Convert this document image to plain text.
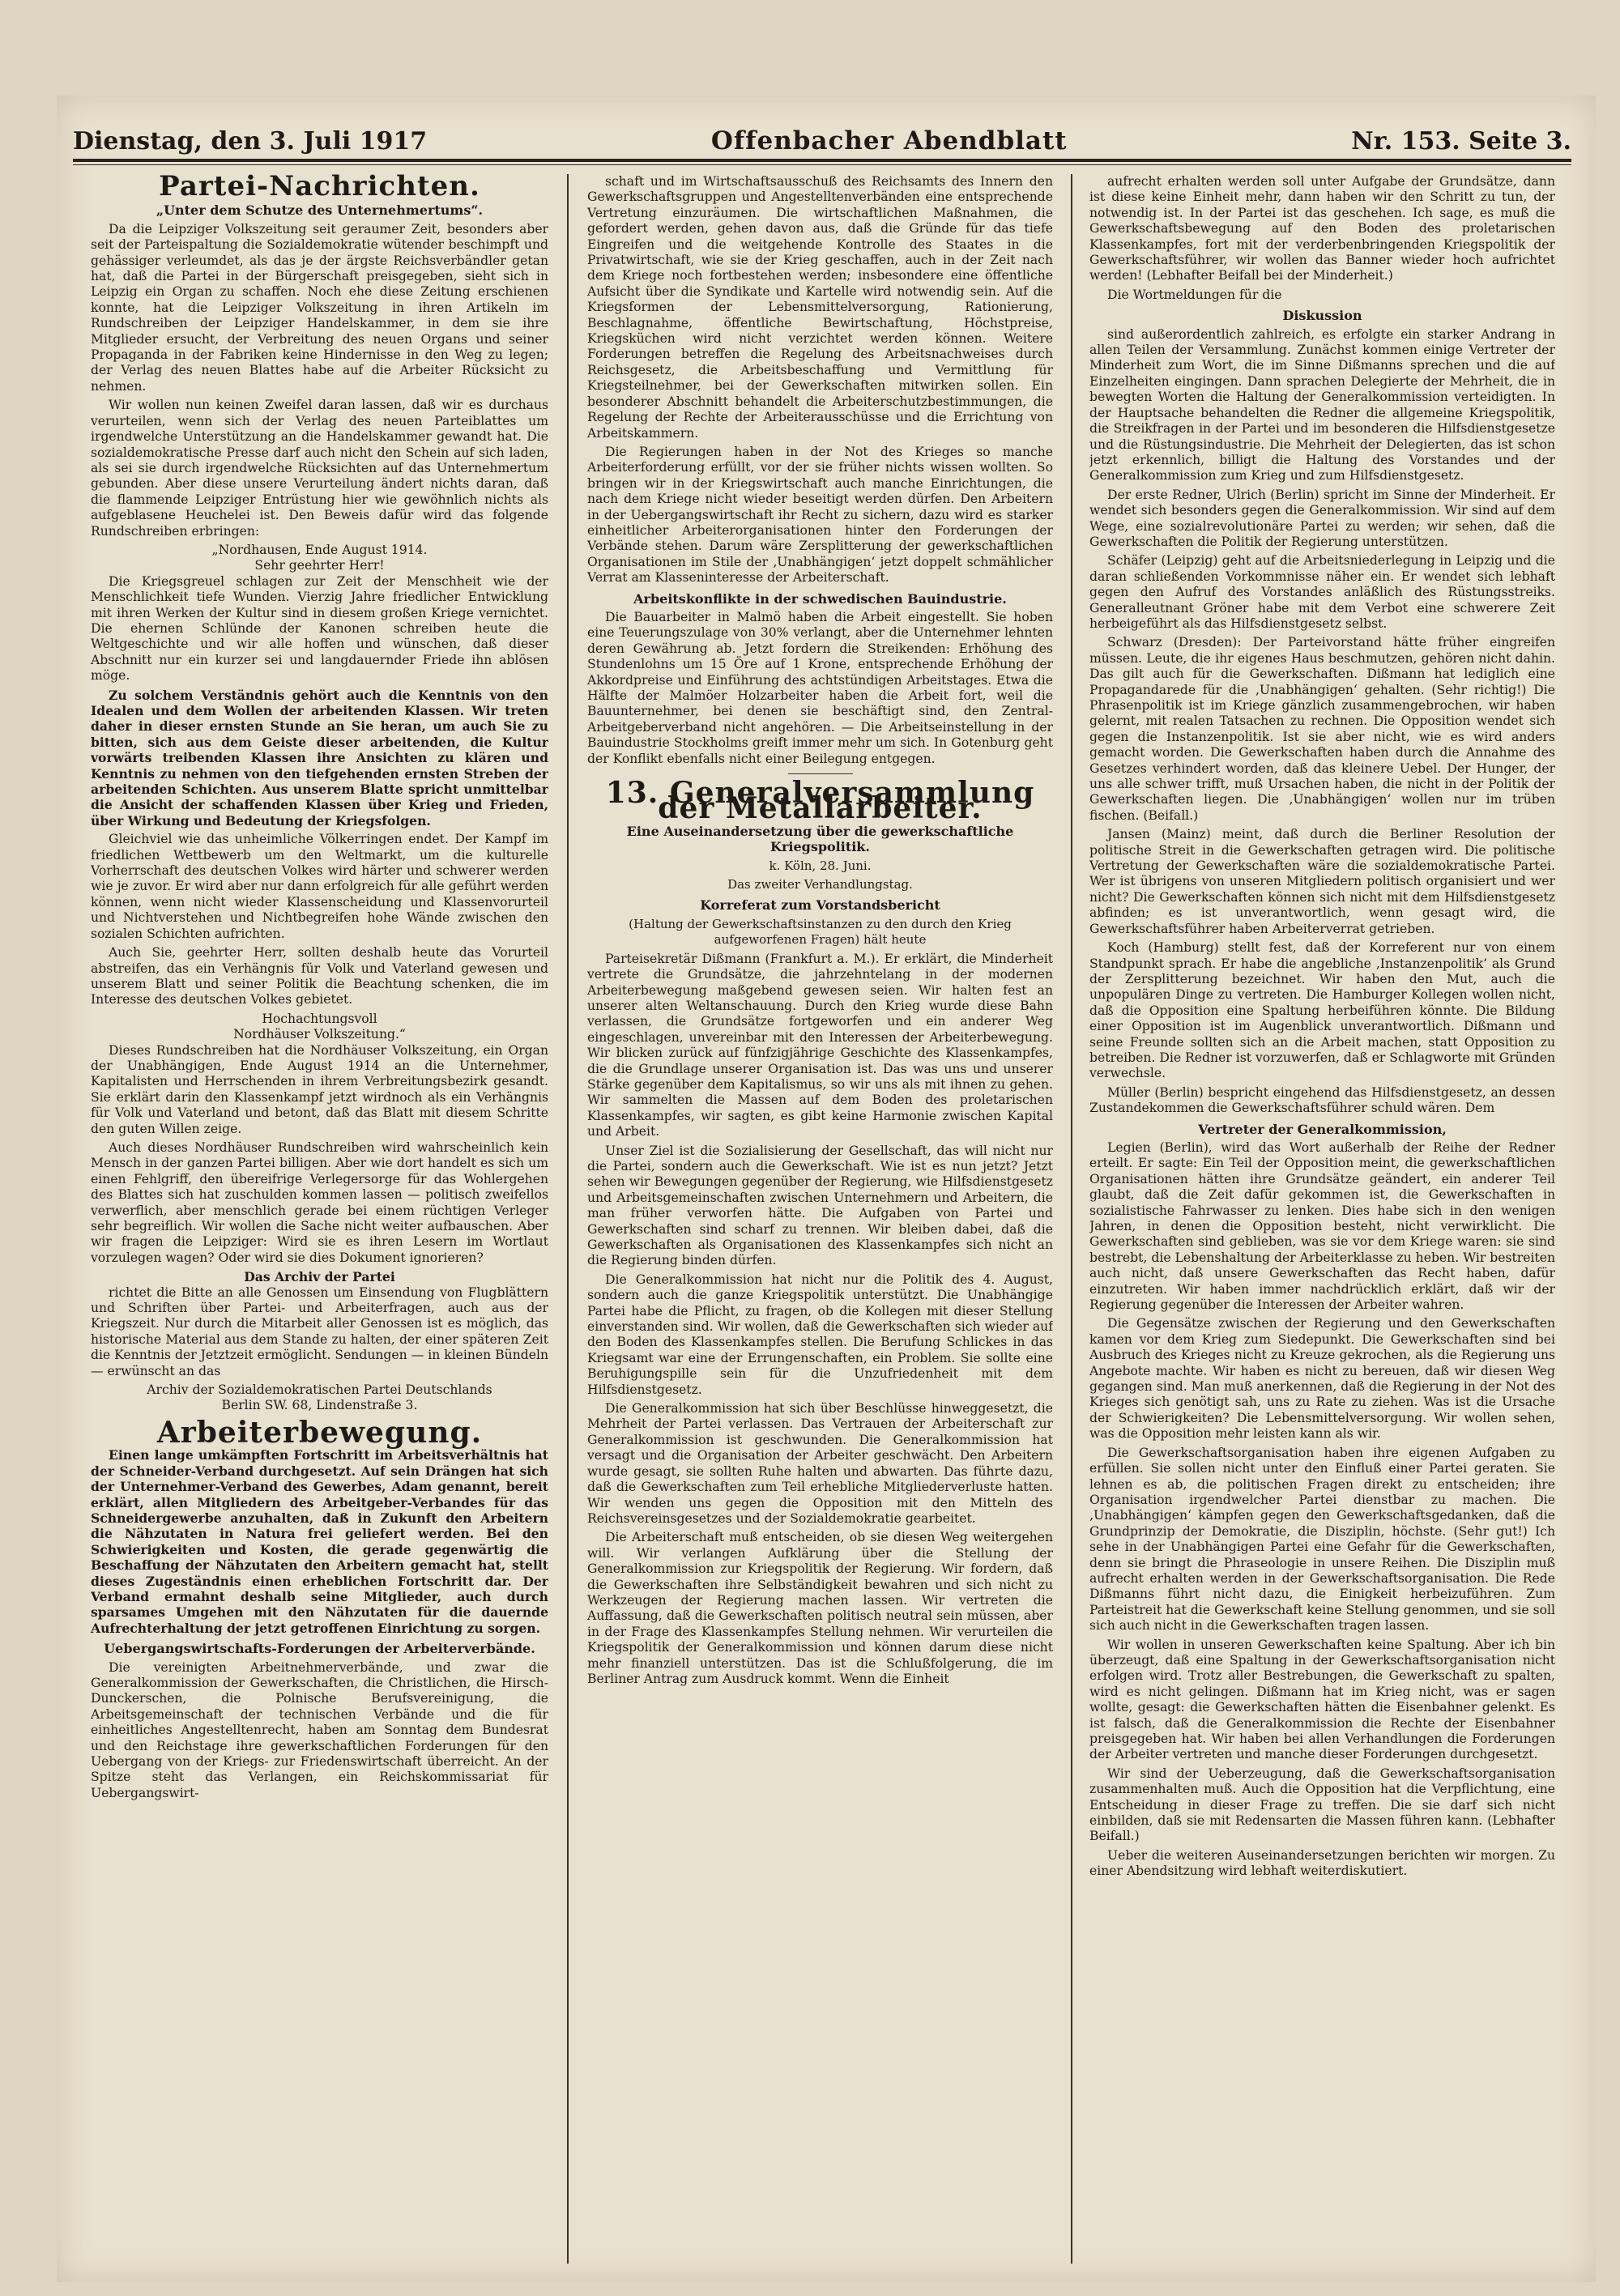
Dienstag, den 3. Juli 1917	Offenbacher Abendblatt	Nr. 153. Seite 3.
Partei-Nachrichten.
„Unter dem Schutze des Unternehmertums“.

Da die Leipziger Volkszeitung seit geraumer Zeit, besonders aber seit der Parteispaltung die Sozialdemokratie wütender beschimpft und gehässiger verleumdet, als das je der ärgste Reichsverbändler getan hat, daß die Partei in der Bürgerschaft preisgegeben, sieht sich in Leipzig ein Organ zu schaffen. Noch ehe diese Zeitung erschienen konnte, hat die Leipziger Volkszeitung in ihren Artikeln im Rundschreiben der Leipziger Handelskammer, in dem sie ihre Mitglieder ersucht, der Verbreitung des neuen Organs und seiner Propaganda in der Fabriken keine Hindernisse in den Weg zu legen; der Verlag des neuen Blattes habe auf die Arbeiter Rücksicht zu nehmen.

Wir wollen nun keinen Zweifel daran lassen, daß wir es durchaus verurteilen, wenn sich der Verlag des neuen Parteiblattes um irgendwelche Unterstützung an die Handelskammer gewandt hat. Die sozialdemokratische Presse darf auch nicht den Schein auf sich laden, als sei sie durch irgendwelche Rücksichten auf das Unternehmertum gebunden. Aber diese unsere Verurteilung ändert nichts daran, daß die flammende Leipziger Entrüstung hier wie gewöhnlich nichts als aufgeblasene Heuchelei ist. Den Beweis dafür wird das folgende Rundschreiben erbringen:

„Nordhausen, Ende August 1914.
Sehr geehrter Herr!

Die Kriegsgreuel schlagen zur Zeit der Menschheit wie der Menschlichkeit tiefe Wunden. Vierzig Jahre friedlicher Entwicklung mit ihren Werken der Kultur sind in diesem großen Kriege vernichtet. Die ehernen Schlünde der Kanonen schreiben heute die Weltgeschichte und wir alle hoffen und wünschen, daß dieser Abschnitt nur ein kurzer sei und langdauernder Friede ihn ablösen möge.

Zu solchem Verständnis gehört auch die Kenntnis von den Idealen und dem Wollen der arbeitenden Klassen. Wir treten daher in dieser ernsten Stunde an Sie heran, um auch Sie zu bitten, sich aus dem Geiste dieser arbeitenden, die Kultur vorwärts treibenden Klassen ihre Ansichten zu klären und Kenntnis zu nehmen von den tiefgehenden ernsten Streben der arbeitenden Schichten. Aus unserem Blatte spricht unmittelbar die Ansicht der schaffenden Klassen über Krieg und Frieden, über Wirkung und Bedeutung der Kriegsfolgen.

Gleichviel wie das unheimliche Völkerringen endet. Der Kampf im friedlichen Wettbewerb um den Weltmarkt, um die kulturelle Vorherrschaft des deutschen Volkes wird härter und schwerer werden wie je zuvor. Er wird aber nur dann erfolgreich für alle geführt werden können, wenn nicht wieder Klassenscheidung und Klassenvorurteil und Nichtverstehen und Nichtbegreifen hohe Wände zwischen den sozialen Schichten aufrichten.

Auch Sie, geehrter Herr, sollten deshalb heute das Vorurteil abstreifen, das ein Verhängnis für Volk und Vaterland gewesen und unserem Blatt und seiner Politik die Beachtung schenken, die im Interesse des deutschen Volkes gebietet.

Hochachtungsvoll
Nordhäuser Volkszeitung.“

Dieses Rundschreiben hat die Nordhäuser Volkszeitung, ein Organ der Unabhängigen, Ende August 1914 an die Unternehmer, Kapitalisten und Herrschenden in ihrem Verbreitungsbezirk gesandt. Sie erklärt darin den Klassenkampf jetzt wirdnoch als ein Verhängnis für Volk und Vaterland und betont, daß das Blatt mit diesem Schritte den guten Willen zeige.

Auch dieses Nordhäuser Rundschreiben wird wahrscheinlich kein Mensch in der ganzen Partei billigen. Aber wie dort handelt es sich um einen Fehlgriff, den übereifrige Verlegersorge für das Wohlergehen des Blattes sich hat zuschulden kommen lassen — politisch zweifellos verwerflich, aber menschlich gerade bei einem rüchtigen Verleger sehr begreiflich. Wir wollen die Sache nicht weiter aufbauschen. Aber wir fragen die Leipziger: Wird sie es ihren Lesern im Wortlaut vorzulegen wagen? Oder wird sie dies Dokument ignorieren?

Das Archiv der Partei

richtet die Bitte an alle Genossen um Einsendung von Flugblättern und Schriften über Partei- und Arbeiterfragen, auch aus der Kriegszeit. Nur durch die Mitarbeit aller Genossen ist es möglich, das historische Material aus dem Stande zu halten, der einer späteren Zeit die Kenntnis der Jetztzeit ermöglicht. Sendungen — in kleinen Bündeln — erwünscht an das

Archiv der Sozialdemokratischen Partei Deutschlands
Berlin SW. 68, Lindenstraße 3.
Arbeiterbewegung.

Einen lange umkämpften Fortschritt im Arbeitsverhältnis hat der Schneider-Verband durchgesetzt. Auf sein Drängen hat sich der Unternehmer-Verband des Gewerbes, Adam genannt, bereit erklärt, allen Mitgliedern des Arbeitgeber-Verbandes für das Schneidergewerbe anzuhalten, daß in Zukunft den Arbeitern die Nähzutaten in Natura frei geliefert werden. Bei den Schwierigkeiten und Kosten, die gerade gegenwärtig die Beschaffung der Nähzutaten den Arbeitern gemacht hat, stellt dieses Zugeständnis einen erheblichen Fortschritt dar. Der Verband ermahnt deshalb seine Mitglieder, auch durch sparsames Umgehen mit den Nähzutaten für die dauernde Aufrechterhaltung der jetzt getroffenen Einrichtung zu sorgen.

Uebergangswirtschafts-Forderungen der Arbeiterverbände.

Die vereinigten Arbeitnehmerverbände, und zwar die Generalkommission der Gewerkschaften, die Christlichen, die Hirsch-Dunckerschen, die Polnische Berufsvereinigung, die Arbeitsgemeinschaft der technischen Verbände und die für einheitliches Angestelltenrecht, haben am Sonntag dem Bundesrat und den Reichstage ihre gewerkschaftlichen Forderungen für den Uebergang von der Kriegs- zur Friedenswirtschaft überreicht. An der Spitze steht das Verlangen, ein Reichskommissariat für Uebergangswirt-

schaft und im Wirtschaftsausschuß des Reichsamts des Innern den Gewerkschaftsgruppen und Angestelltenverbänden eine entsprechende Vertretung einzuräumen. Die wirtschaftlichen Maßnahmen, die gefordert werden, gehen davon aus, daß die Gründe für das tiefe Eingreifen und die weitgehende Kontrolle des Staates in die Privatwirtschaft, wie sie der Krieg geschaffen, auch in der Zeit nach dem Kriege noch fortbestehen werden; insbesondere eine öffentliche Aufsicht über die Syndikate und Kartelle wird notwendig sein. Auf die Kriegsformen der Lebensmittelversorgung, Rationierung, Beschlagnahme, öffentliche Bewirtschaftung, Höchstpreise, Kriegsküchen wird nicht verzichtet werden können. Weitere Forderungen betreffen die Regelung des Arbeitsnachweises durch Reichsgesetz, die Arbeitsbeschaffung und Vermittlung für Kriegsteilnehmer, bei der Gewerkschaften mitwirken sollen. Ein besonderer Abschnitt behandelt die Arbeiterschutzbestimmungen, die Regelung der Rechte der Arbeiterausschüsse und die Errichtung von Arbeitskammern.

Die Regierungen haben in der Not des Krieges so manche Arbeiterforderung erfüllt, vor der sie früher nichts wissen wollten. So bringen wir in der Kriegswirtschaft auch manche Einrichtungen, die nach dem Kriege nicht wieder beseitigt werden dürfen. Den Arbeitern in der Uebergangswirtschaft ihr Recht zu sichern, dazu wird es starker einheitlicher Arbeiterorganisationen hinter den Forderungen der Verbände stehen. Darum wäre Zersplitterung der gewerkschaftlichen Organisationen im Stile der ‚Unabhängigen‘ jetzt doppelt schmählicher Verrat am Klasseninteresse der Arbeiterschaft.

Arbeitskonflikte in der schwedischen Bauindustrie.

Die Bauarbeiter in Malmö haben die Arbeit eingestellt. Sie hoben eine Teuerungszulage von 30% verlangt, aber die Unternehmer lehnten deren Gewährung ab. Jetzt fordern die Streikenden: Erhöhung des Stundenlohns um 15 Öre auf 1 Krone, entsprechende Erhöhung der Akkordpreise und Einführung des achtstündigen Arbeitstages. Etwa die Hälfte der Malmöer Holzarbeiter haben die Arbeit fort, weil die Bauunternehmer, bei denen sie beschäftigt sind, den Zentral-Arbeitgeberverband nicht angehören. — Die Arbeitseinstellung in der Bauindustrie Stockholms greift immer mehr um sich. In Gotenburg geht der Konflikt ebenfalls nicht einer Beilegung entgegen.

13. Generalversammlung der Metallarbeiter.
Eine Auseinandersetzung über die gewerkschaftliche Kriegspolitik.
k. Köln, 28. Juni.
Das zweiter Verhandlungstag.
Korreferat zum Vorstandsbericht
(Haltung der Gewerkschaftsinstanzen zu den durch den Krieg aufgeworfenen Fragen) hält heute

Parteisekretär Dißmann (Frankfurt a. M.). Er erklärt, die Minderheit vertrete die Grundsätze, die jahrzehntelang in der modernen Arbeiterbewegung maßgebend gewesen seien. Wir halten fest an unserer alten Weltanschauung. Durch den Krieg wurde diese Bahn verlassen, die Grundsätze fortgeworfen und ein anderer Weg eingeschlagen, unvereinbar mit den Interessen der Arbeiterbewegung. Wir blicken zurück auf fünfzigjährige Geschichte des Klassenkampfes, die die Grundlage unserer Organisation ist. Das was uns und unserer Stärke gegenüber dem Kapitalismus, so wir uns als mit ihnen zu gehen. Wir sammelten die Massen auf dem Boden des proletarischen Klassenkampfes, wir sagten, es gibt keine Harmonie zwischen Kapital und Arbeit.

Unser Ziel ist die Sozialisierung der Gesellschaft, das will nicht nur die Partei, sondern auch die Gewerkschaft. Wie ist es nun jetzt? Jetzt sehen wir Bewegungen gegenüber der Regierung, wie Hilfsdienstgesetz und Arbeitsgemeinschaften zwischen Unternehmern und Arbeitern, die man früher verworfen hätte. Die Aufgaben von Partei und Gewerkschaften sind scharf zu trennen. Wir bleiben dabei, daß die Gewerkschaften als Organisationen des Klassenkampfes sich nicht an die Regierung binden dürfen.

Die Generalkommission hat nicht nur die Politik des 4. August, sondern auch die ganze Kriegspolitik unterstützt. Die Unabhängige Partei habe die Pflicht, zu fragen, ob die Kollegen mit dieser Stellung einverstanden sind. Wir wollen, daß die Gewerkschaften sich wieder auf den Boden des Klassenkampfes stellen. Die Berufung Schlickes in das Kriegsamt war eine der Errungenschaften, ein Problem. Sie sollte eine Beruhigungspille sein für die Unzufriedenheit mit dem Hilfsdienstgesetz.

Die Generalkommission hat sich über Beschlüsse hinweggesetzt, die Mehrheit der Partei verlassen. Das Vertrauen der Arbeiterschaft zur Generalkommission ist geschwunden. Die Generalkommission hat versagt und die Organisation der Arbeiter geschwächt. Den Arbeitern wurde gesagt, sie sollten Ruhe halten und abwarten. Das führte dazu, daß die Gewerkschaften zum Teil erhebliche Mitgliederverluste hatten. Wir wenden uns gegen die Opposition mit den Mitteln des Reichsvereinsgesetzes und der Sozialdemokratie gearbeitet.

Die Arbeiterschaft muß entscheiden, ob sie diesen Weg weitergehen will. Wir verlangen Aufklärung über die Stellung der Generalkommission zur Kriegspolitik der Regierung. Wir fordern, daß die Gewerkschaften ihre Selbständigkeit bewahren und sich nicht zu Werkzeugen der Regierung machen lassen. Wir vertreten die Auffassung, daß die Gewerkschaften politisch neutral sein müssen, aber in der Frage des Klassenkampfes Stellung nehmen. Wir verurteilen die Kriegspolitik der Generalkommission und können darum diese nicht mehr finanziell unterstützen. Das ist die Schlußfolgerung, die im Berliner Antrag zum Ausdruck kommt. Wenn die Einheit

aufrecht erhalten werden soll unter Aufgabe der Grundsätze, dann ist diese keine Einheit mehr, dann haben wir den Schritt zu tun, der notwendig ist. In der Partei ist das geschehen. Ich sage, es muß die Gewerkschaftsbewegung auf den Boden des proletarischen Klassenkampfes, fort mit der verderbenbringenden Kriegspolitik der Gewerkschaftsführer, wir wollen das Banner wieder hoch aufrichtet werden! (Lebhafter Beifall bei der Minderheit.)

Die Wortmeldungen für die

Diskussion

sind außerordentlich zahlreich, es erfolgte ein starker Andrang in allen Teilen der Versammlung. Zunächst kommen einige Vertreter der Minderheit zum Wort, die im Sinne Dißmanns sprechen und die auf Einzelheiten eingingen. Dann sprachen Delegierte der Mehrheit, die in bewegten Worten die Haltung der Generalkommission verteidigten. In der Hauptsache behandelten die Redner die allgemeine Kriegspolitik, die Streikfragen in der Partei und im besonderen die Hilfsdienstgesetze und die Rüstungsindustrie. Die Mehrheit der Delegierten, das ist schon jetzt erkennlich, billigt die Haltung des Vorstandes und der Generalkommission zum Krieg und zum Hilfsdienstgesetz.

Der erste Redner, Ulrich (Berlin) spricht im Sinne der Minderheit. Er wendet sich besonders gegen die Generalkommission. Wir sind auf dem Wege, eine sozialrevolutionäre Partei zu werden; wir sehen, daß die Gewerkschaften die Politik der Regierung unterstützen.

Schäfer (Leipzig) geht auf die Arbeitsniederlegung in Leipzig und die daran schließenden Vorkommnisse näher ein. Er wendet sich lebhaft gegen den Aufruf des Vorstandes anläßlich des Rüstungsstreiks. Generalleutnant Gröner habe mit dem Verbot eine schwerere Zeit herbeigeführt als das Hilfsdienstgesetz selbst.

Schwarz (Dresden): Der Parteivorstand hätte früher eingreifen müssen. Leute, die ihr eigenes Haus beschmutzen, gehören nicht dahin. Das gilt auch für die Gewerkschaften. Dißmann hat lediglich eine Propagandarede für die ‚Unabhängigen‘ gehalten. (Sehr richtig!) Die Phrasenpolitik ist im Kriege gänzlich zusammengebrochen, wir haben gelernt, mit realen Tatsachen zu rechnen. Die Opposition wendet sich gegen die Instanzenpolitik. Ist sie aber nicht, wie es wird anders gemacht worden. Die Gewerkschaften haben durch die Annahme des Gesetzes verhindert worden, daß das kleinere Uebel. Der Hunger, der uns alle schwer trifft, muß Ursachen haben, die nicht in der Politik der Gewerkschaften liegen. Die ‚Unabhängigen‘ wollen nur im trüben fischen. (Beifall.)

Jansen (Mainz) meint, daß durch die Berliner Resolution der politische Streit in die Gewerkschaften getragen wird. Die politische Vertretung der Gewerkschaften wäre die sozialdemokratische Partei. Wer ist übrigens von unseren Mitgliedern politisch organisiert und wer nicht? Die Gewerkschaften können sich nicht mit dem Hilfsdienstgesetz abfinden; es ist unverantwortlich, wenn gesagt wird, die Gewerkschaftsführer haben Arbeiterverrat getrieben.

Koch (Hamburg) stellt fest, daß der Korreferent nur von einem Standpunkt sprach. Er habe die angebliche ‚Instanzenpolitik‘ als Grund der Zersplitterung bezeichnet. Wir haben den Mut, auch die unpopulären Dinge zu vertreten. Die Hamburger Kollegen wollen nicht, daß die Opposition eine Spaltung herbeiführen könnte. Die Bildung einer Opposition ist im Augenblick unverantwortlich. Dißmann und seine Freunde sollten sich an die Arbeit machen, statt Opposition zu betreiben. Die Redner ist vorzuwerfen, daß er Schlagworte mit Gründen verwechsle.

Müller (Berlin) bespricht eingehend das Hilfsdienstgesetz, an dessen Zustandekommen die Gewerkschaftsführer schuld wären. Dem

Vertreter der Generalkommission,

Legien (Berlin), wird das Wort außerhalb der Reihe der Redner erteilt. Er sagte: Ein Teil der Opposition meint, die gewerkschaftlichen Organisationen hätten ihre Grundsätze geändert, ein anderer Teil glaubt, daß die Zeit dafür gekommen ist, die Gewerkschaften in sozialistische Fahrwasser zu lenken. Dies habe sich in den wenigen Jahren, in denen die Opposition besteht, nicht verwirklicht. Die Gewerkschaften sind geblieben, was sie vor dem Kriege waren: sie sind bestrebt, die Lebenshaltung der Arbeiterklasse zu heben. Wir bestreiten auch nicht, daß unsere Gewerkschaften das Recht haben, dafür einzutreten. Wir haben immer nachdrücklich erklärt, daß wir der Regierung gegenüber die Interessen der Arbeiter wahren.

Die Gegensätze zwischen der Regierung und den Gewerkschaften kamen vor dem Krieg zum Siedepunkt. Die Gewerkschaften sind bei Ausbruch des Krieges nicht zu Kreuze gekrochen, als die Regierung uns Angebote machte. Wir haben es nicht zu bereuen, daß wir diesen Weg gegangen sind. Man muß anerkennen, daß die Regierung in der Not des Krieges sich genötigt sah, uns zu Rate zu ziehen. Was ist die Ursache der Schwierigkeiten? Die Lebensmittelversorgung. Wir wollen sehen, was die Opposition mehr leisten kann als wir.

Die Gewerkschaftsorganisation haben ihre eigenen Aufgaben zu erfüllen. Sie sollen nicht unter den Einfluß einer Partei geraten. Sie lehnen es ab, die politischen Fragen direkt zu entscheiden; ihre Organisation irgendwelcher Partei dienstbar zu machen. Die ‚Unabhängigen‘ kämpfen gegen den Gewerkschaftsgedanken, daß die Grundprinzip der Demokratie, die Disziplin, höchste. (Sehr gut!) Ich sehe in der Unabhängigen Partei eine Gefahr für die Gewerkschaften, denn sie bringt die Phraseologie in unsere Reihen. Die Disziplin muß aufrecht erhalten werden in der Gewerkschaftsorganisation. Die Rede Dißmanns führt nicht dazu, die Einigkeit herbeizuführen. Zum Parteistreit hat die Gewerkschaft keine Stellung genommen, und sie soll sich auch nicht in die Gewerkschaften tragen lassen.

Wir wollen in unseren Gewerkschaften keine Spaltung. Aber ich bin überzeugt, daß eine Spaltung in der Gewerkschaftsorganisation nicht erfolgen wird. Trotz aller Bestrebungen, die Gewerkschaft zu spalten, wird es nicht gelingen. Dißmann hat im Krieg nicht, was er sagen wollte, gesagt: die Gewerkschaften hätten die Eisenbahner gelenkt. Es ist falsch, daß die Generalkommission die Rechte der Eisenbahner preisgegeben hat. Wir haben bei allen Verhandlungen die Forderungen der Arbeiter vertreten und manche dieser Forderungen durchgesetzt.

Wir sind der Ueberzeugung, daß die Gewerkschaftsorganisation zusammenhalten muß. Auch die Opposition hat die Verpflichtung, eine Entscheidung in dieser Frage zu treffen. Die sie darf sich nicht einbilden, daß sie mit Redensarten die Massen führen kann. (Lebhafter Beifall.)

Ueber die weiteren Auseinandersetzungen berichten wir morgen. Zu einer Abendsitzung wird lebhaft weiterdiskutiert.
